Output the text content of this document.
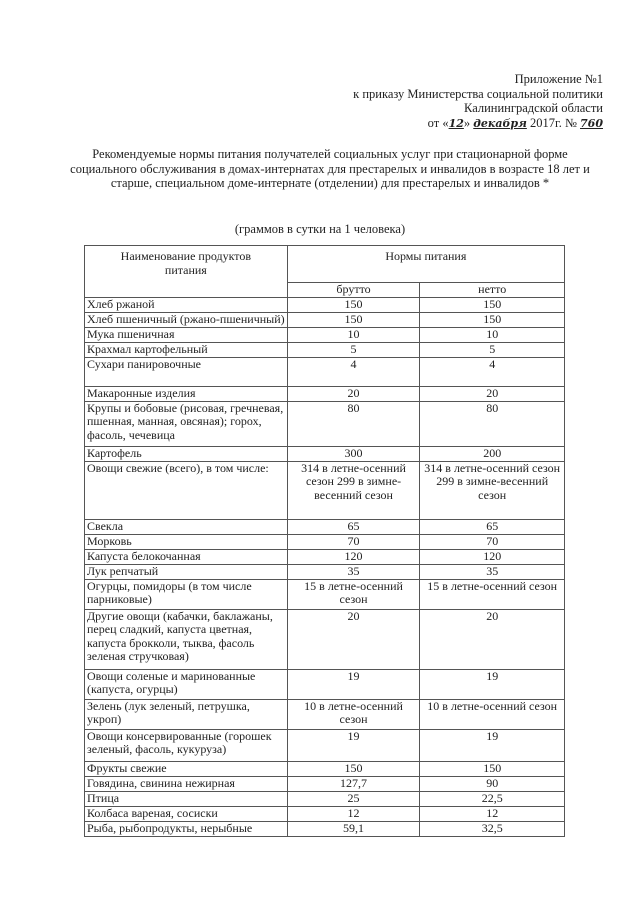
Приложение №1
к приказу Министерства социальной политики
Калининградской области
от «12» декабря 2017г. № 760
Рекомендуемые нормы питания получателей социальных услуг при стационарной форме социального обслуживания в домах-интернатах для престарелых и инвалидов в возрасте 18 лет и старше, специальном доме-интернате (отделении) для престарелых и инвалидов *
(граммов в сутки на 1 человека)
Наименование продуктов питания	Нормы питания	
	брутто	нетто
Хлеб ржаной	150	150
Хлеб пшеничный (ржано-пшеничный)	150	150
Мука пшеничная	10	10
Крахмал картофельный	5	5
Сухари панировочные	4	4
Макаронные изделия	20	20
Крупы и бобовые (рисовая, гречневая, пшенная, манная, овсяная); горох, фасоль, чечевица	80	80
Картофель	300	200
Овощи свежие (всего), в том числе:	314 в летне-осенний сезон 299 в зимне-весенний сезон	314 в летне-осенний сезон 299 в зимне-весенний сезон
Свекла	65	65
Морковь	70	70
Капуста белокочанная	120	120
Лук репчатый	35	35
Огурцы, помидоры (в том числе парниковые)	15 в летне-осенний сезон	15 в летне-осенний сезон
Другие овощи (кабачки, баклажаны, перец сладкий, капуста цветная, капуста брокколи, тыква, фасоль зеленая стручковая)	20	20
Овощи соленые и маринованные (капуста, огурцы)	19	19
Зелень (лук зеленый, петрушка, укроп)	10 в летне-осенний сезон	10 в летне-осенний сезон
Овощи консервированные (горошек зеленый, фасоль, кукуруза)	19	19
Фрукты свежие	150	150
Говядина, свинина нежирная	127,7	90
Птица	25	22,5
Колбаса вареная, сосиски	12	12
Рыба, рыбопродукты, нерыбные	59,1	32,5
